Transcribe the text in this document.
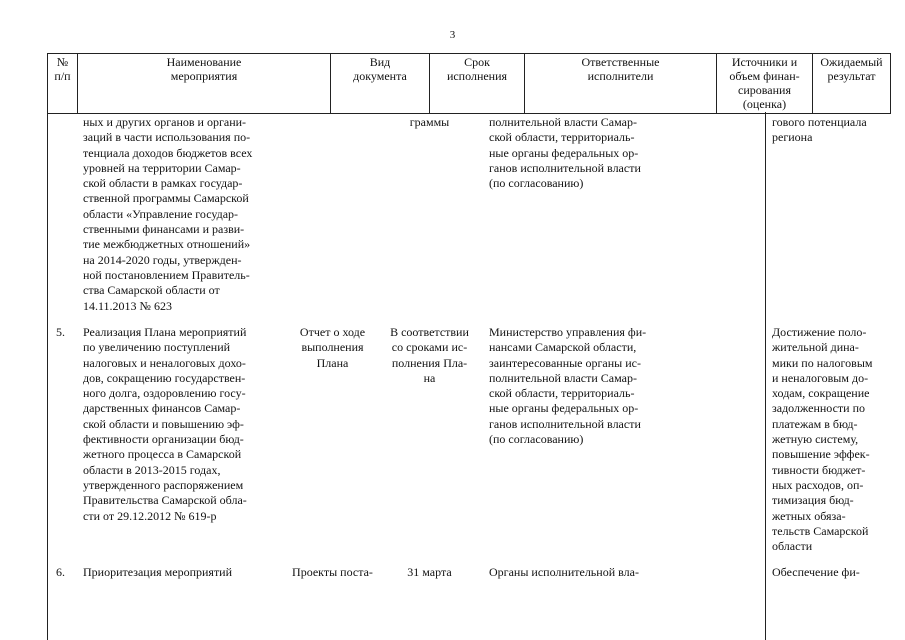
3
№
п/п
Наименование
мероприятия
Вид
документа
Срок
исполнения
Ответственные
исполнители
Источники и
объем финан-
сирования
(оценка)
Ожидаемый
результат
6.
5.
ных и других органов и органи-
заций в части использования по-
тенциала доходов бюджетов всех
уровней на территории Самар-
ской области в рамках государ-
ственной программы Самарской
области «Управление государ-
ственными финансами и разви-
тие межбюджетных отношений»
на 2014-2020 годы, утвержден-
ной постановлением Правитель-
ства Самарской области от
14.11.2013 № 623
Реализация Плана мероприятий
по увеличению поступлений
налоговых и неналоговых дохо-
дов, сокращению государствен-
ного долга, оздоровлению госу-
дарственных финансов Самар-
ской области и повышению эф-
фективности организации бюд-
жетного процесса в Самарской
области в 2013-2015 годах,
утвержденного распоряжением
Правительства Самарской обла-
сти от 29.12.2012 № 619-р
Приоритезация мероприятий
Отчет о ходе
выполнения
Плана
Проекты поста-
граммы
В соответствии
со сроками ис-
полнения Пла-
на
31 марта
полнительной власти Самар-
ской области, территориаль-
ные органы федеральных ор-
ганов исполнительной власти
(по согласованию)
Министерство управления фи-
нансами Самарской области,
заинтересованные органы ис-
полнительной власти Самар-
ской области, территориаль-
ные органы федеральных ор-
ганов исполнительной власти
(по согласованию)
Органы исполнительной вла-
гового потенциала
региона
Достижение поло-
жительной дина-
мики по налоговым
и неналоговым до-
ходам, сокращение
задолженности по
платежам в бюд-
жетную систему,
повышение эффек-
тивности бюджет-
ных расходов, оп-
тимизация бюд-
жетных обяза-
тельств Самарской
области
Обеспечение фи-
